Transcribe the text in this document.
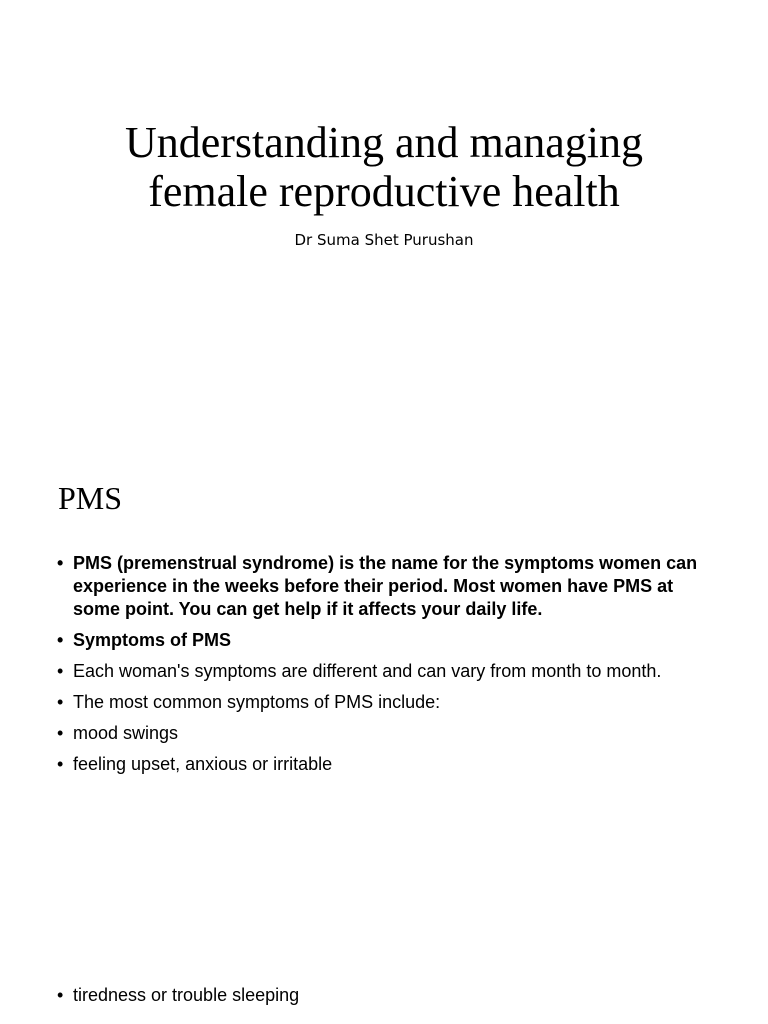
Understanding and managing
female reproductive health
Dr Suma Shet Purushan
PMS
• PMS (premenstrual syndrome) is the name for the symptoms women can experience in the weeks before their period. Most women have PMS at some point. You can get help if it affects your daily life.
• Symptoms of PMS
• Each woman's symptoms are different and can vary from month to month.
• The most common symptoms of PMS include:
• mood swings
• feeling upset, anxious or irritable
• tiredness or trouble sleeping
